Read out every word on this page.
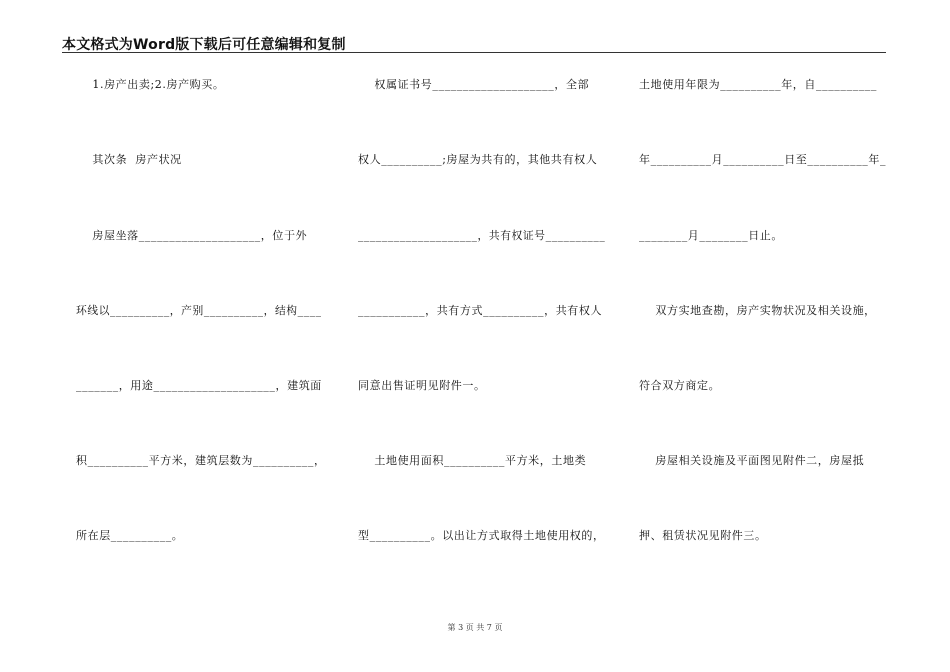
本文格式为Word版下载后可任意编辑和复制
1.房产出卖;2.房产购买。
其次条  房产状况
房屋坐落____________________，位于外
环线以__________，产别__________，结构____
_______，用途____________________，建筑面
积__________平方米，建筑层数为__________，
所在层__________。
权属证书号____________________，全部
权人__________;房屋为共有的，其他共有权人
____________________，共有权证号__________
___________，共有方式__________，共有权人
同意出售证明见附件一。
土地使用面积__________平方米，土地类
型__________。以出让方式取得土地使用权的，
土地使用年限为__________年，自__________
年__________月__________日至__________年_
________月________日止。
双方实地查勘，房产实物状况及相关设施，
符合双方商定。
房屋相关设施及平面图见附件二，房屋抵
押、租赁状况见附件三。
第 3 页 共 7 页
